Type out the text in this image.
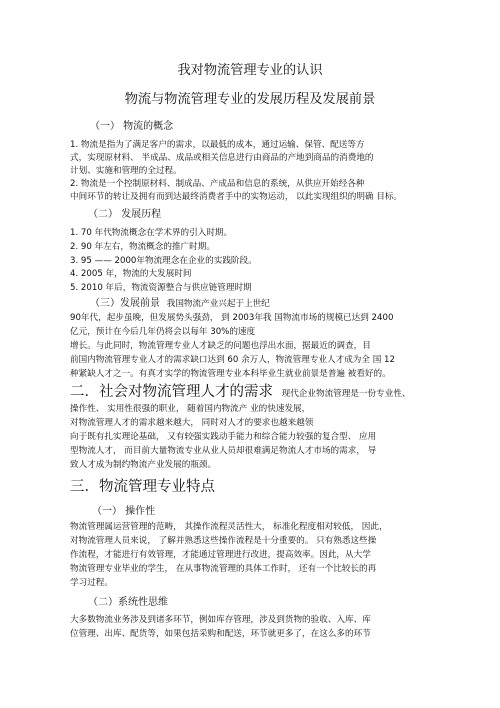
我对物流管理专业的认识
物流与物流管理专业的发展历程及发展前景
（一） 物流的概念
1. 物流是指为了满足客户的需求，以最低的成本，通过运输、保管、配送等方
式，实现原材料、 半成品、成品或相关信息进行由商品的产地到商品的消费地的
计划、实施和管理的全过程。
2. 物流是一个控制原材料、制成品、产成品和信息的系统，从供应开始经各种
中间环节的转让及拥有而到达最终消费者手中的实物运动， 以此实现组织的明确 目标。
（二） 发展历程
1. 70 年代物流概念在学术界的引入时期。
2. 90 年左右，物流概念的推广时期。
3. 95 —— 2000年物流理念在企业的实践阶段。
4. 2005 年，物流的大发展时间
5. 2010 年后，物流资源整合与供应链管理时期
（三）发展前景 我国物流产业兴起于上世纪
90年代，起步虽晚，但发展势头强劲， 到 2003年我 国物流市场的规模已达到 2400
亿元，预计在今后几年仍将会以每年 30%的速度
增长。与此同时，物流管理专业人才缺乏的问题也浮出水面，据最近的调查，目
前国内物流管理专业人才的需求缺口达到 60 余万人，物流管理专业人才成为全 国 12
种紧缺人才之一。有真才实学的物流管理专业本科毕业生就业前景是普遍 被看好的。
二．社会对物流管理人才的需求 现代企业物流管理是一份专业性、
操作性、 实用性很强的职业， 随着国内物流产 业的快速发展，
对物流管理人才的需求越来越大， 同时对人才的要求也越来越领
向于既有扎实理论基础， 又有较强实践动手能力和综合能力较强的复合型、 应用
型物流人才， 而目前大量物流专业从业人员却很难满足物流人才市场的需求， 导
致人才成为制约物流产业发展的瓶颈。
三．物流管理专业特点
（一） 操作性
物流管理属运营管理的范畴， 其操作流程灵活性大， 标准化程度相对较低， 因此，
对物流管理人员来说， 了解并熟悉这些操作流程是十分重要的。 只有熟悉这些操
作流程，才能进行有效管理，才能通过管理进行改进，提高效率。因此，从大学
物流管理专业毕业的学生， 在从事物流管理的具体工作时， 还有一个比较长的再
学习过程。
（二）系统性思维
大多数物流业务涉及到诸多环节，例如库存管理，涉及到货物的验收、入库、库
位管理、出库、配货等，如果包括采购和配送，环节就更多了，在这么多的环节
